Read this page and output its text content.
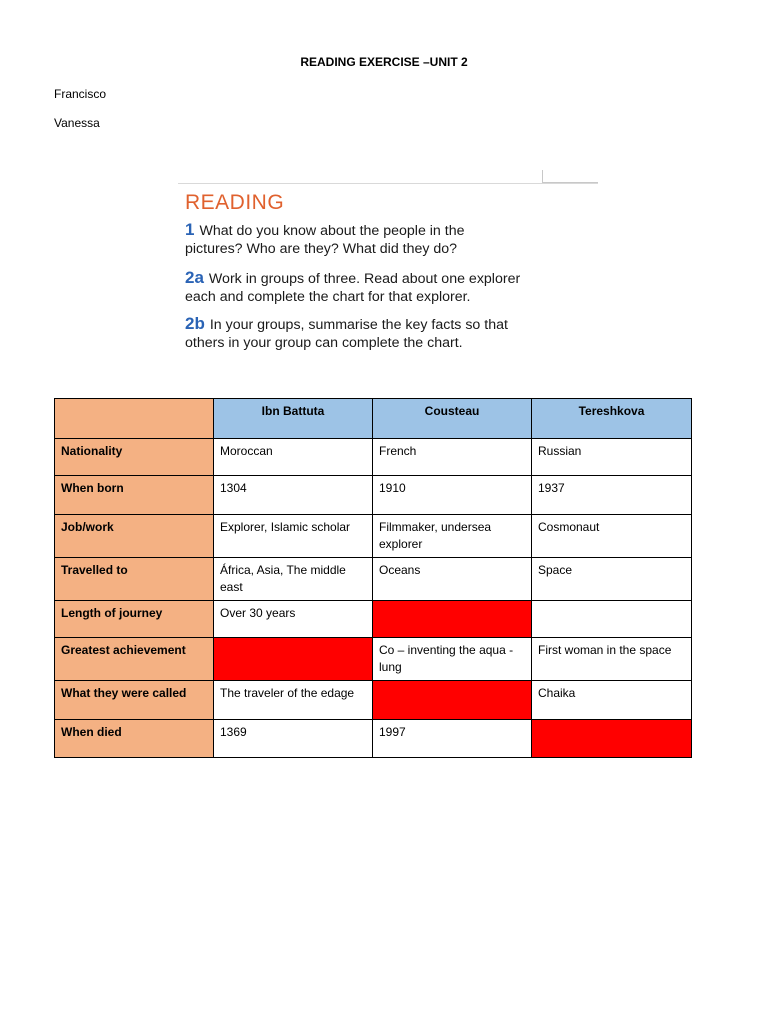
READING EXERCISE –UNIT 2
Francisco
Vanessa
READING
1 What do you know about the people in the
pictures? Who are they? What did they do?
2a Work in groups of three. Read about one explorer
each and complete the chart for that explorer.
2b In your groups, summarise the key facts so that
others in your group can complete the chart.
	Ibn Battuta	Cousteau	Tereshkova
Nationality	Moroccan	French	Russian
When born	1304	1910	1937
Job/work	Explorer, Islamic scholar	Filmmaker, undersea explorer	Cosmonaut
Travelled to	África, Asia, The middle east	Oceans	Space
Length of journey	Over 30 years		
Greatest achievement		Co – inventing the aqua - lung	First woman in the space
What they were called	The traveler of the edage		Chaika
When died	1369	1997	
